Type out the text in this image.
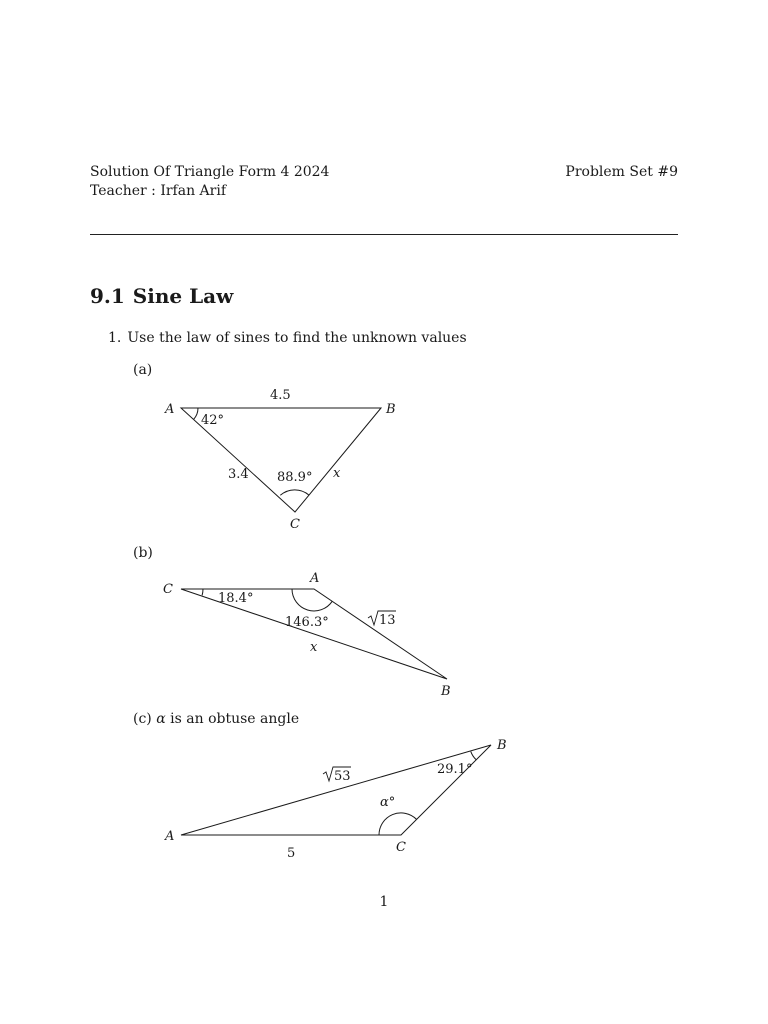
Solution Of Triangle Form 4 2024
Teacher : Irfan Arif
Problem Set #9
9.1 Sine Law
1. Use the law of sines to find the unknown values
(a)
(b)
(c) α is an obtuse angle
A	B
C
4.5
3.4	x
42°
88.9°
C
A
B
18.4°
146.3°	13
x
A
C
B
53
5
29.1°
α°
1
